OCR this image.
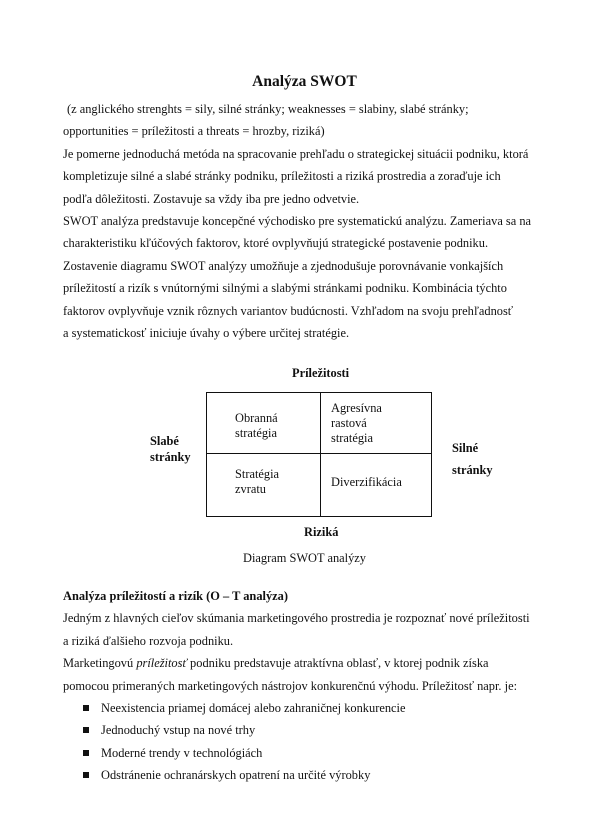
Analýza SWOT

(z anglického strenghts = sily, silné stránky; weaknesses = slabiny, slabé stránky;

opportunities = príležitosti a threats = hrozby, riziká)

Je pomerne jednoduchá metóda na spracovanie prehľadu o strategickej situácii podniku, ktorá

kompletizuje silné a slabé stránky podniku, príležitosti a riziká prostredia a zoraďuje ich

podľa dôležitosti. Zostavuje sa vždy iba pre jedno odvetvie.

SWOT analýza predstavuje koncepčné východisko pre systematickú analýzu. Zameriava sa na

charakteristiku kľúčových faktorov, ktoré ovplyvňujú strategické postavenie podniku.

Zostavenie diagramu SWOT analýzy umožňuje a zjednodušuje porovnávanie vonkajších

príležitostí a rizík s vnútornými silnými a slabými stránkami podniku. Kombinácia týchto

faktorov ovplyvňuje vznik rôznych variantov budúcnosti. Vzhľadom na svoju prehľadnosť

a systematickosť iniciuje úvahy o výbere určitej stratégie.

Príležitosti
Slabé
stránky
Silné
stránky
Obranná
stratégia
Agresívna
rastová
stratégia
Stratégia
zvratu	Diverzifikácia
Riziká
Diagram SWOT analýzy

Analýza príležitostí a rizík (O – T analýza)

Jedným z hlavných cieľov skúmania marketingového prostredia je rozpoznať nové príležitosti

a riziká ďalšieho rozvoja podniku.

Marketingovú príležitosť podniku predstavuje atraktívna oblasť, v ktorej podnik získa

pomocou primeraných marketingových nástrojov konkurenčnú výhodu. Príležitosť napr. je:

Neexistencia priamej domácej alebo zahraničnej konkurencie
Jednoduchý vstup na nové trhy
Moderné trendy v technológiách
Odstránenie ochranárskych opatrení na určité výrobky
